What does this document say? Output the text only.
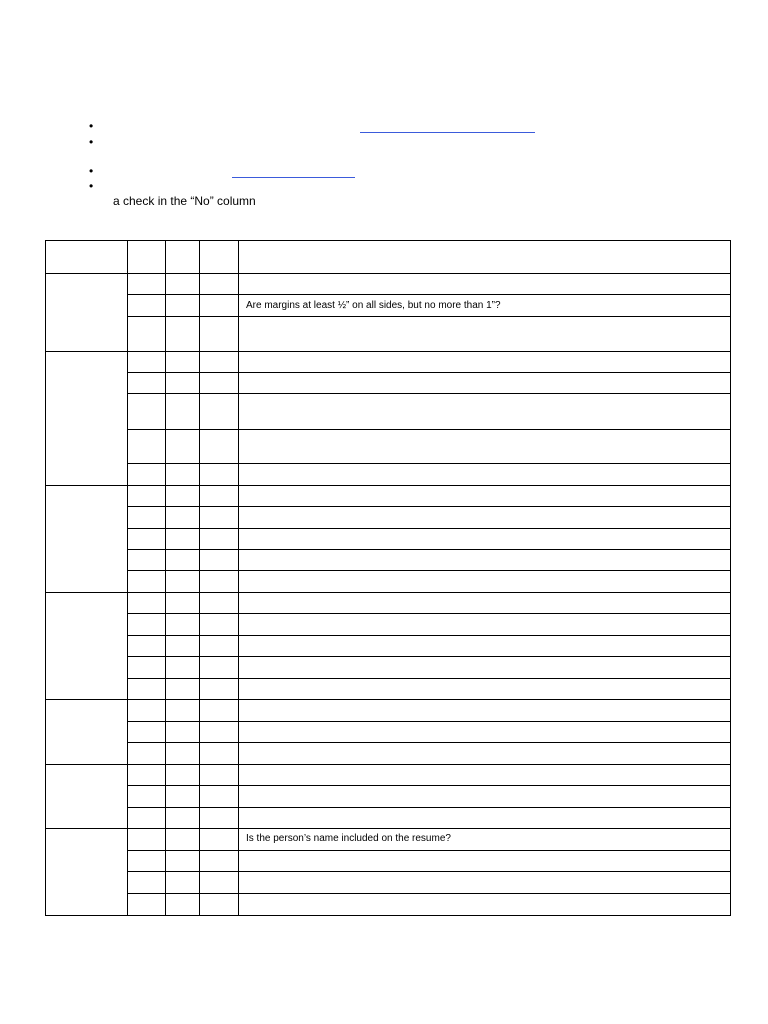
•
•
•
•
a check in the “No” column
Are margins at least ½” on all sides, but no more than 1”?
Is the person’s name included on the resume?
